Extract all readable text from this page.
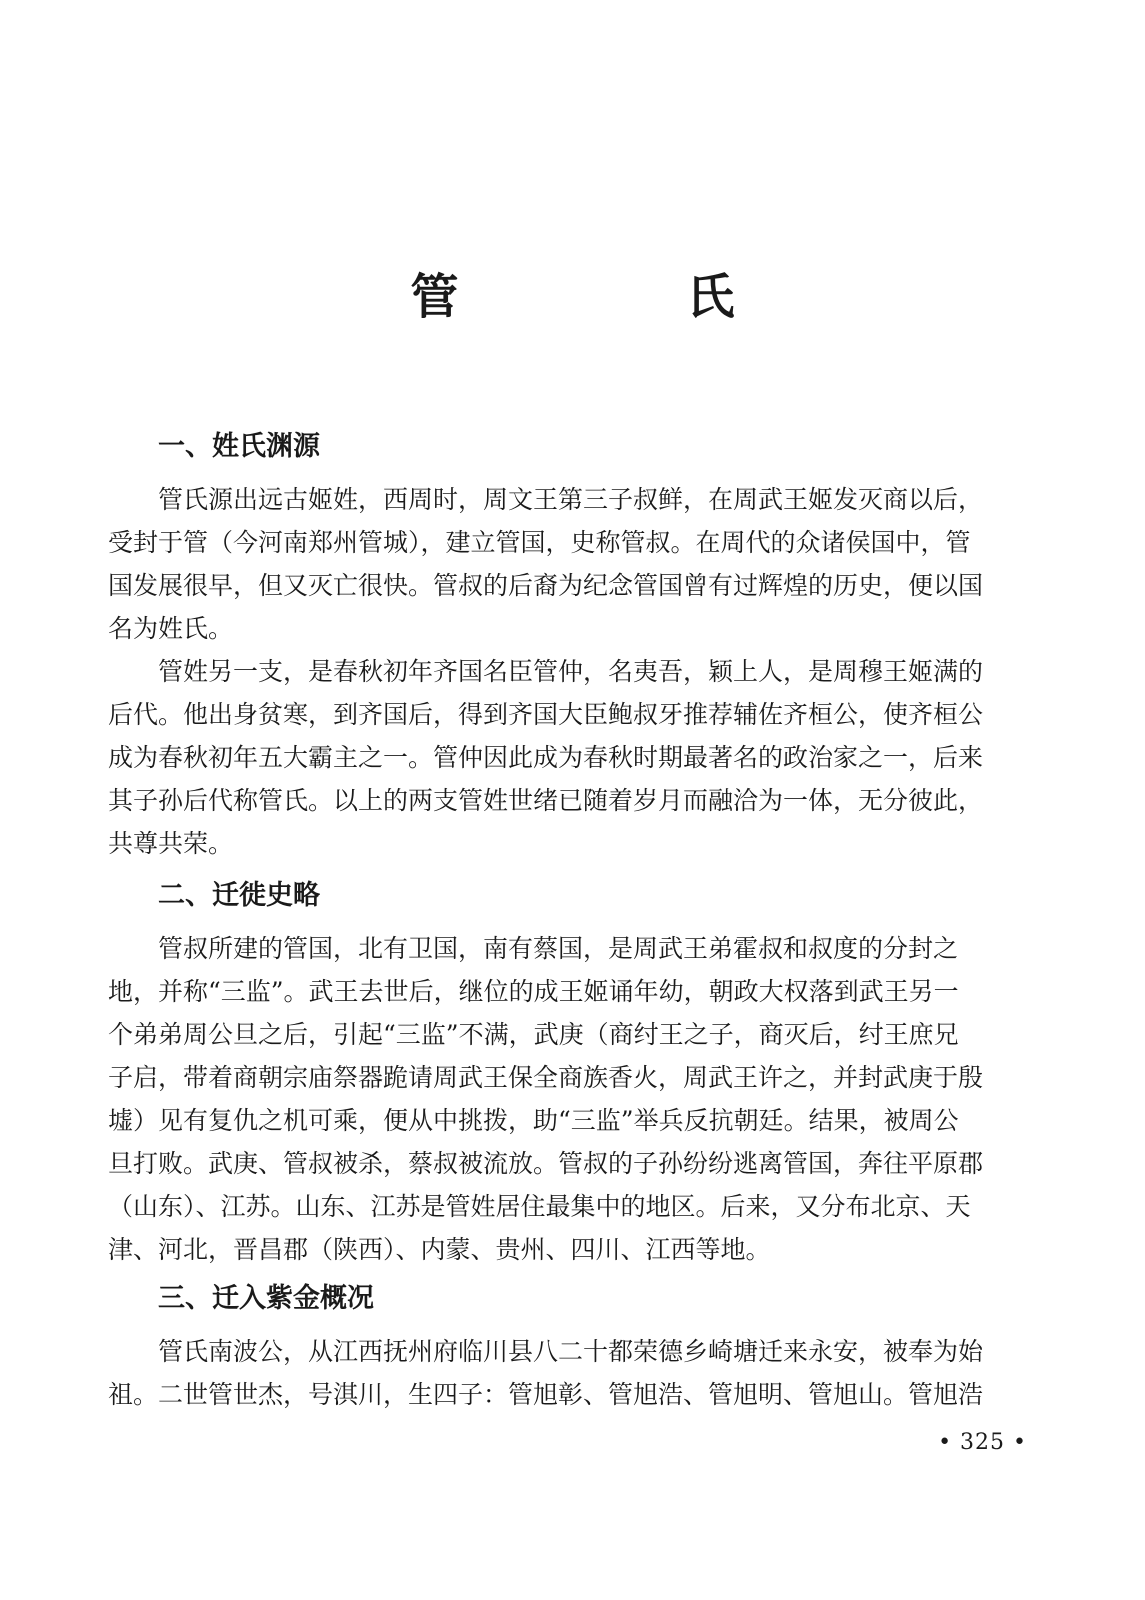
管　氏
一、姓氏渊源
管氏源出远古姬姓，西周时，周文王第三子叔鲜，在周武王姬发灭商以后，
受封于管（今河南郑州管城），建立管国，史称管叔。在周代的众诸侯国中，管
国发展很早，但又灭亡很快。管叔的后裔为纪念管国曾有过辉煌的历史，便以国
名为姓氏。
管姓另一支，是春秋初年齐国名臣管仲，名夷吾，颖上人，是周穆王姬满的
后代。他出身贫寒，到齐国后，得到齐国大臣鲍叔牙推荐辅佐齐桓公，使齐桓公
成为春秋初年五大霸主之一。管仲因此成为春秋时期最著名的政治家之一，后来
其子孙后代称管氏。以上的两支管姓世绪已随着岁月而融洽为一体，无分彼此，
共尊共荣。
二、迁徙史略
管叔所建的管国，北有卫国，南有蔡国，是周武王弟霍叔和叔度的分封之
地，并称“三监”。武王去世后，继位的成王姬诵年幼，朝政大权落到武王另一
个弟弟周公旦之后，引起“三监”不满，武庚（商纣王之子，商灭后，纣王庶兄
子启，带着商朝宗庙祭器跪请周武王保全商族香火，周武王许之，并封武庚于殷
墟）见有复仇之机可乘，便从中挑拨，助“三监”举兵反抗朝廷。结果，被周公
旦打败。武庚、管叔被杀，蔡叔被流放。管叔的子孙纷纷逃离管国，奔往平原郡
（山东）、江苏。山东、江苏是管姓居住最集中的地区。后来，又分布北京、天
津、河北，晋昌郡（陕西）、内蒙、贵州、四川、江西等地。
三、迁入紫金概况
管氏南波公，从江西抚州府临川县八二十都荣德乡崎塘迁来永安，被奉为始
祖。二世管世杰，号淇川，生四子：管旭彰、管旭浩、管旭明、管旭山。管旭浩
• 325 •
